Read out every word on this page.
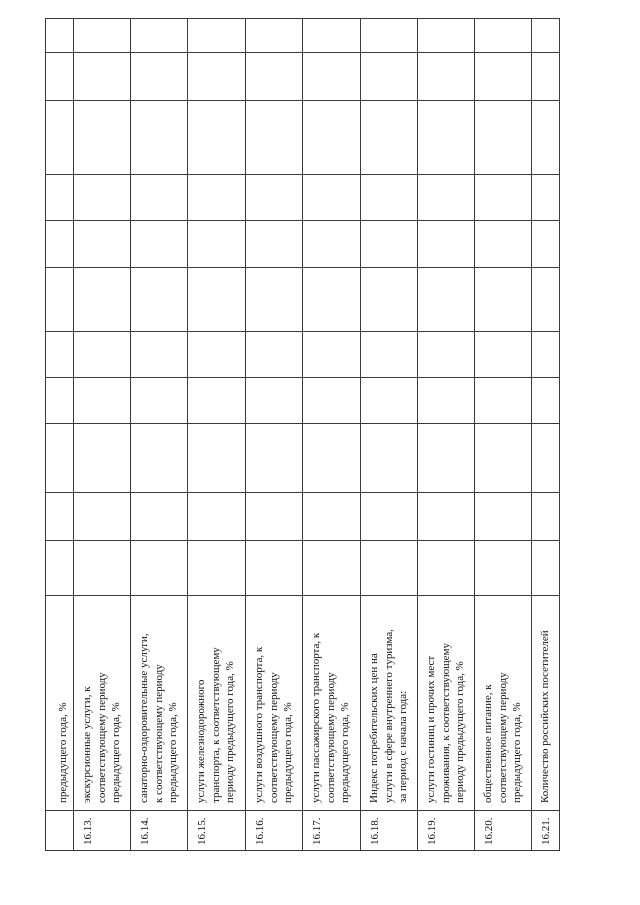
предыдущего года, %
16.13.
экскурсионные услуги, к
соответствующему периоду
предыдущего года, %
16.14.
санаторно-оздоровительные услуги,
к соответствующему периоду
предыдущего года, %
16.15.
услуги железнодорожного
транспорта, к соответствующему
периоду предыдущего года, %
16.16.
услуги воздушного транспорта, к
соответствующему периоду
предыдущего года, %
16.17.
услуги пассажирского транспорта, к
соответствующему периоду
предыдущего года, %
16.18.
Индекс потребительских цен на
услуги в сфере внутреннего туризма,
за период с начала года:
16.19.
услуги гостиниц и прочих мест
проживания, к соответствующему
периоду предыдущего года, %
16.20.
общественное питание, к
соответствующему периоду
предыдущего года, %
16.21.
Количество российских посетителей
